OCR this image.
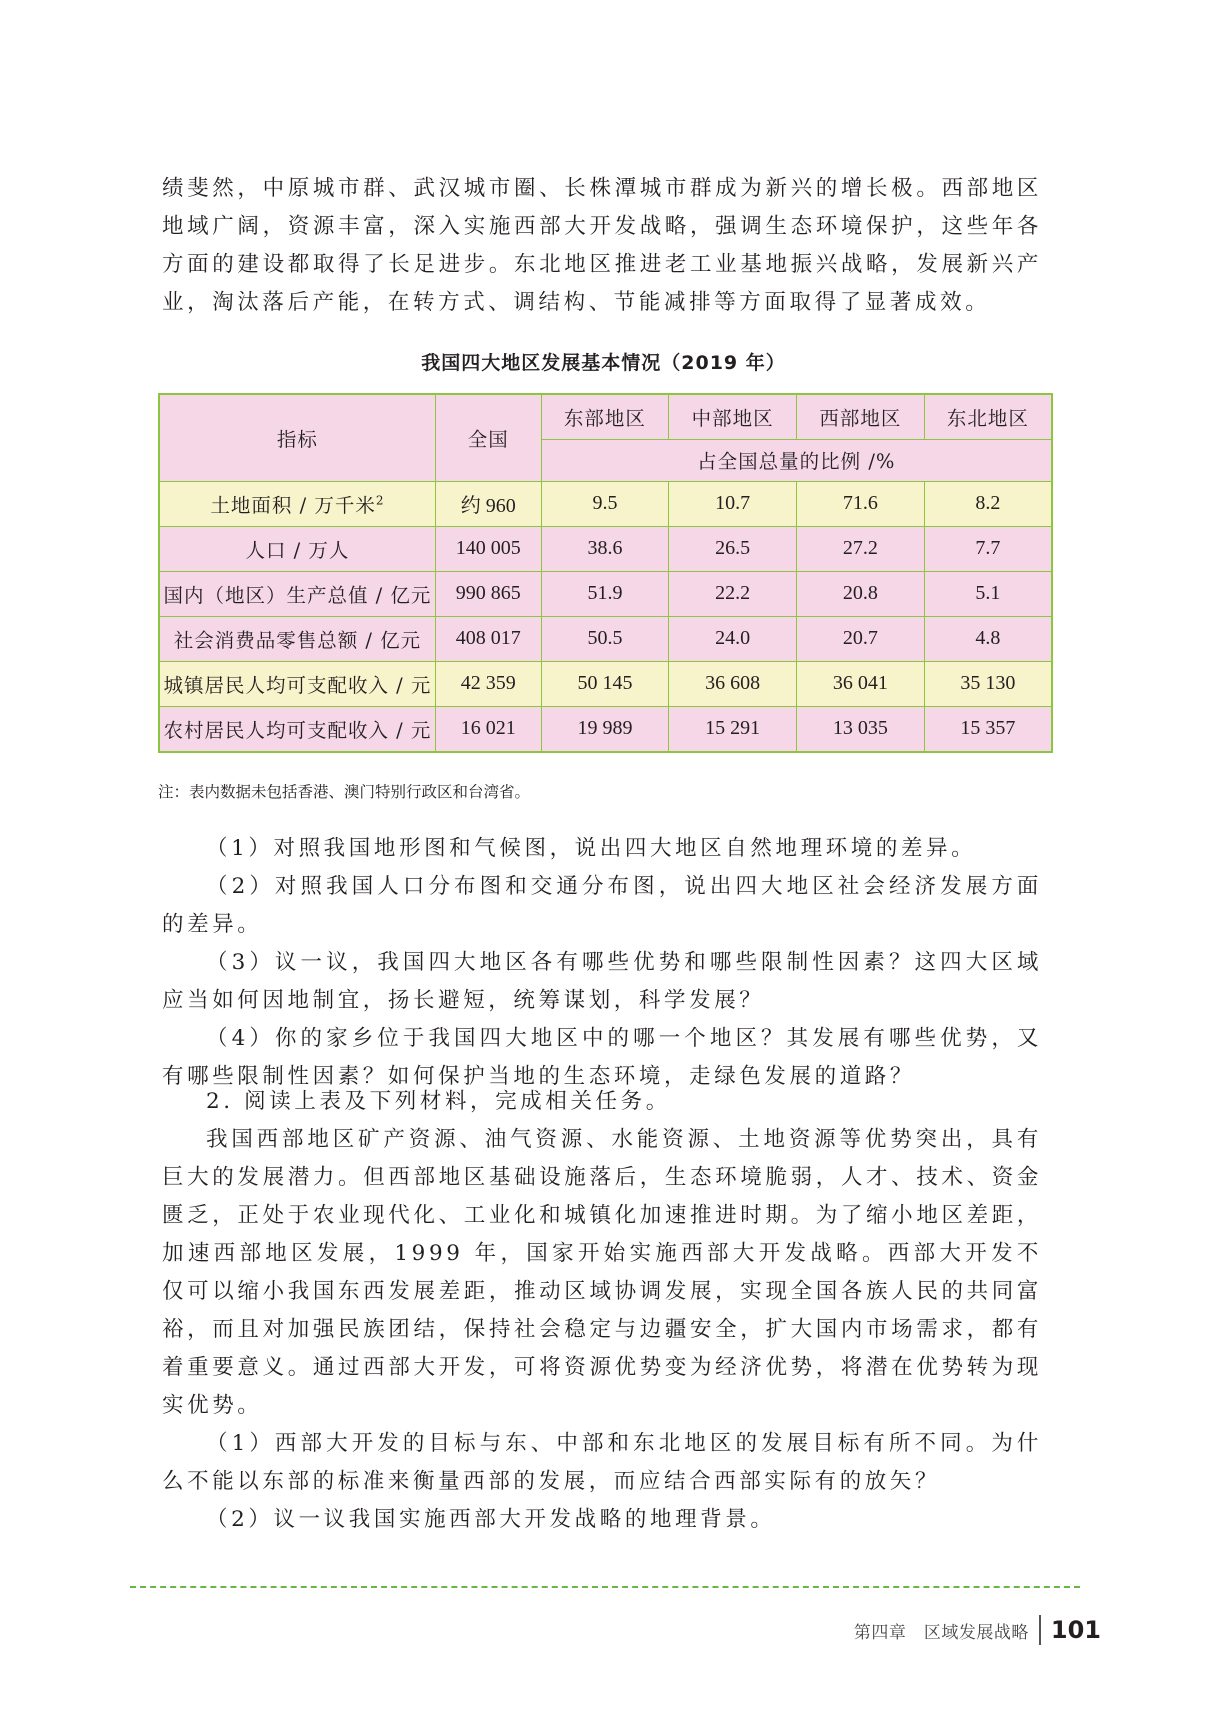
绩斐然，中原城市群、武汉城市圈、长株潭城市群成为新兴的增长极。西部地区地域广阔，资源丰富，深入实施西部大开发战略，强调生态环境保护，这些年各方面的建设都取得了长足进步。东北地区推进老工业基地振兴战略，发展新兴产业，淘汰落后产能，在转方式、调结构、节能减排等方面取得了显著成效。

我国四大地区发展基本情况（2019 年）
指标	全国	东部地区	中部地区	西部地区	东北地区
		占全国总量的比例 /%			
土地面积 / 万千米$^2$	约 960	9.5	10.7	71.6	8.2
人口 / 万人	140 005	38.6	26.5	27.2	7.7
国内（地区）生产总值 / 亿元	990 865	51.9	22.2	20.8	5.1
社会消费品零售总额 / 亿元	408 017	50.5	24.0	20.7	4.8
城镇居民人均可支配收入 / 元	42 359	50 145	36 608	36 041	35 130
农村居民人均可支配收入 / 元	16 021	19 989	15 291	13 035	15 357
注：表内数据未包括香港、澳门特别行政区和台湾省。

（1）对照我国地形图和气候图，说出四大地区自然地理环境的差异。

（2）对照我国人口分布图和交通分布图，说出四大地区社会经济发展方面的差异。

（3）议一议，我国四大地区各有哪些优势和哪些限制性因素？这四大区域应当如何因地制宜，扬长避短，统筹谋划，科学发展？

（4）你的家乡位于我国四大地区中的哪一个地区？其发展有哪些优势，又有哪些限制性因素？如何保护当地的生态环境，走绿色发展的道路？

2. 阅读上表及下列材料，完成相关任务。

我国西部地区矿产资源、油气资源、水能资源、土地资源等优势突出，具有巨大的发展潜力。但西部地区基础设施落后，生态环境脆弱，人才、技术、资金匮乏，正处于农业现代化、工业化和城镇化加速推进时期。为了缩小地区差距，加速西部地区发展，1999 年，国家开始实施西部大开发战略。西部大开发不仅可以缩小我国东西发展差距，推动区域协调发展，实现全国各族人民的共同富裕，而且对加强民族团结，保持社会稳定与边疆安全，扩大国内市场需求，都有着重要意义。通过西部大开发，可将资源优势变为经济优势，将潜在优势转为现实优势。

（1）西部大开发的目标与东、中部和东北地区的发展目标有所不同。为什么不能以东部的标准来衡量西部的发展，而应结合西部实际有的放矢？

（2）议一议我国实施西部大开发战略的地理背景。

第四章　区域发展战略 101
